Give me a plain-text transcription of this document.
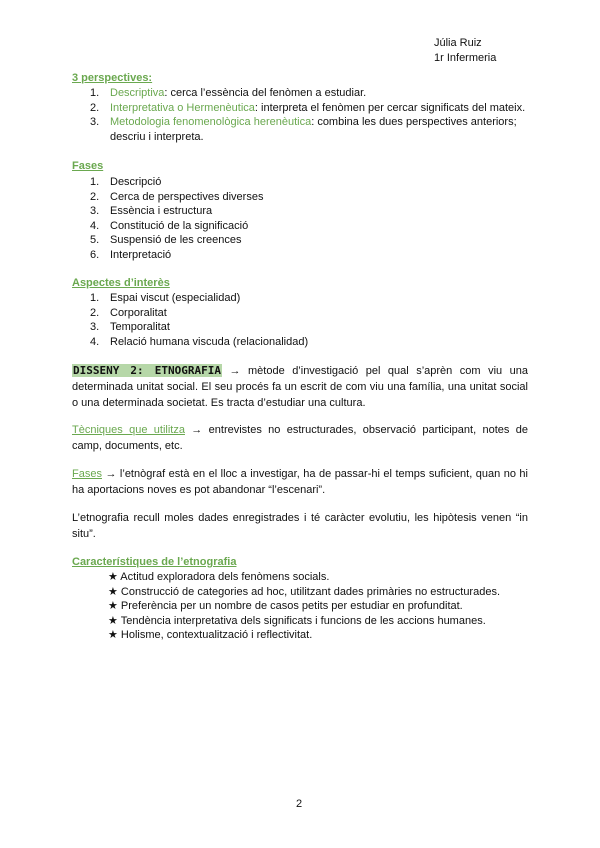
Júlia Ruiz
1r Infermeria
3 perspectives:
1. Descriptiva: cerca l’essència del fenòmen a estudiar.
2. Interpretativa o Hermenèutica: interpreta el fenòmen per cercar significats del mateix.
3. Metodologia fenomenològica herenèutica: combina les dues perspectives anteriors;
descriu i interpreta.
Fases
1. Descripció
2. Cerca de perspectives diverses
3. Essència i estructura
4. Constitució de la significació
5. Suspensió de les creences
6. Interpretació
Aspectes d’interès
1. Espai viscut (especialidad)
2. Corporalitat
3. Temporalitat
4. Relació humana viscuda (relacionalidad)
DISSENY 2: ETNOGRAFIA → mètode d’investigació pel qual s’aprèn com viu una determinada unitat social. El seu procés fa un escrit de com viu una família, una unitat social o una determinada societat. Es tracta d’estudiar una cultura.
Tècniques que utilitza → entrevistes no estructurades, observació participant, notes de camp, documents, etc.
Fases → l’etnògraf està en el lloc a investigar, ha de passar-hi el temps suficient, quan no hi ha aportacions noves es pot abandonar “l’escenari”.
L’etnografia recull moles dades enregistrades i té caràcter evolutiu, les hipòtesis venen “in situ”.
Característiques de l’etnografia
★ Actitud exploradora dels fenòmens socials.
★ Construcció de categories ad hoc, utilitzant dades primàries no estructurades.
★ Preferència per un nombre de casos petits per estudiar en profunditat.
★ Tendència interpretativa dels significats i funcions de les accions humanes.
★ Holisme, contextualització i reflectivitat.
2
